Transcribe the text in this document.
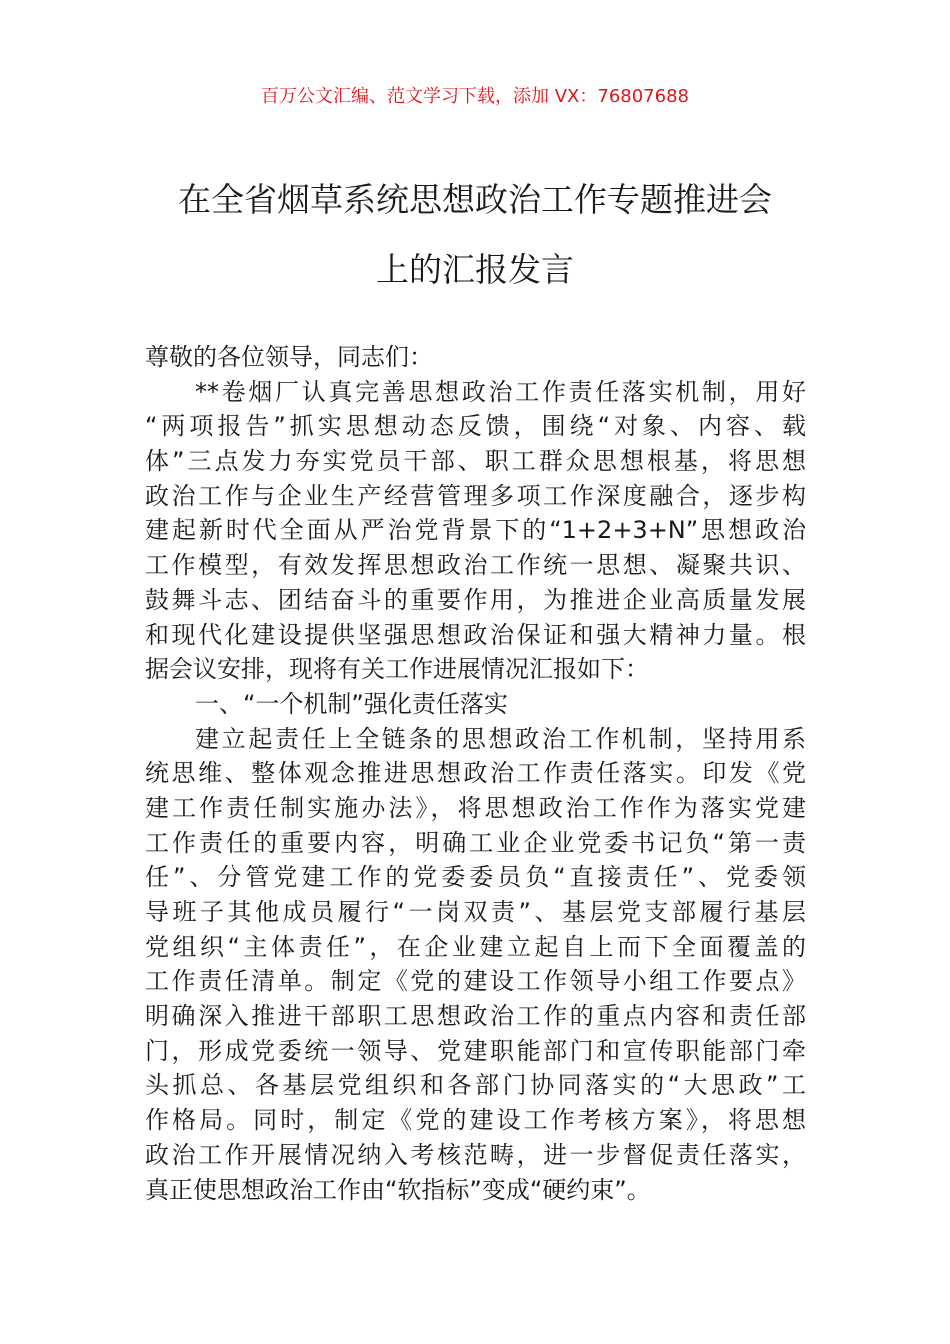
百万公文汇编、范文学习下载，添加 VX：76807688
在全省烟草系统思想政治工作专题推进会
上的汇报发言
尊敬的各位领导，同志们：
**卷烟厂认真完善思想政治工作责任落实机制，用好
“两项报告”抓实思想动态反馈，围绕“对象、内容、载
体”三点发力夯实党员干部、职工群众思想根基，将思想
政治工作与企业生产经营管理多项工作深度融合，逐步构
建起新时代全面从严治党背景下的“1+2+3+N”思想政治
工作模型，有效发挥思想政治工作统一思想、凝聚共识、
鼓舞斗志、团结奋斗的重要作用，为推进企业高质量发展
和现代化建设提供坚强思想政治保证和强大精神力量。根
据会议安排，现将有关工作进展情况汇报如下：
一、“一个机制”强化责任落实
建立起责任上全链条的思想政治工作机制，坚持用系
统思维、整体观念推进思想政治工作责任落实。印发《党
建工作责任制实施办法》，将思想政治工作作为落实党建
工作责任的重要内容，明确工业企业党委书记负“第一责
任”、分管党建工作的党委委员负“直接责任”、党委领
导班子其他成员履行“一岗双责”、基层党支部履行基层
党组织“主体责任”，在企业建立起自上而下全面覆盖的
工作责任清单。制定《党的建设工作领导小组工作要点》
明确深入推进干部职工思想政治工作的重点内容和责任部
门，形成党委统一领导、党建职能部门和宣传职能部门牵
头抓总、各基层党组织和各部门协同落实的“大思政”工
作格局。同时，制定《党的建设工作考核方案》，将思想
政治工作开展情况纳入考核范畴，进一步督促责任落实，
真正使思想政治工作由“软指标”变成“硬约束”。
